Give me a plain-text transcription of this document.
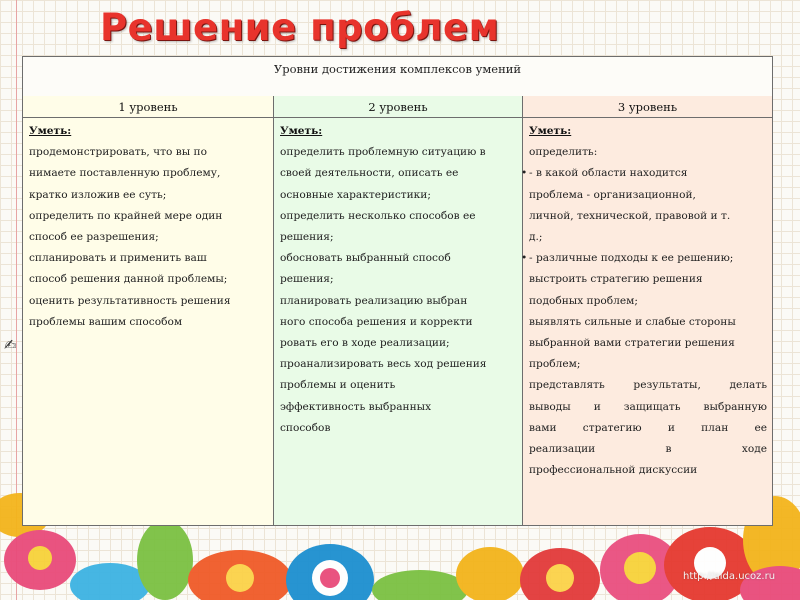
Решение проблем
Уровни достижения комплексов умений
1 уровень	2 уровень	3 уровень
Уметь:
продемонстрировать, что вы по
нимаете поставленную проблему,
кратко изложив ее суть;
определить по крайней мере один
способ ее разрешения;
спланировать и применить ваш
способ решения данной проблемы;
оценить результативность решения
проблемы вашим способом
Уметь:
определить проблемную ситуацию в
своей деятельности, описать ее
основные характеристики;
определить несколько способов ее
решения;
обосновать выбранный способ
решения;
планировать реализацию выбран
ного способа решения и корректи
ровать его в ходе реализации;
проанализировать весь ход решения
проблемы и оценить
эффективность выбранных
способов
Уметь:
определить:
• - в какой области находится
проблема - организационной,
личной, технической, правовой и т.
д.;
• - различные подходы к ее решению;
выстроить стратегию решения
подобных проблем;
выявлять сильные и слабые стороны
выбранной вами стратегии решения
проблем;
представлять результаты, делать
выводы и защищать выбранную
вами стратегию и план ее
реализации в ходе
профессиональной дискуссии
✍
http://aida.ucoz.ru
